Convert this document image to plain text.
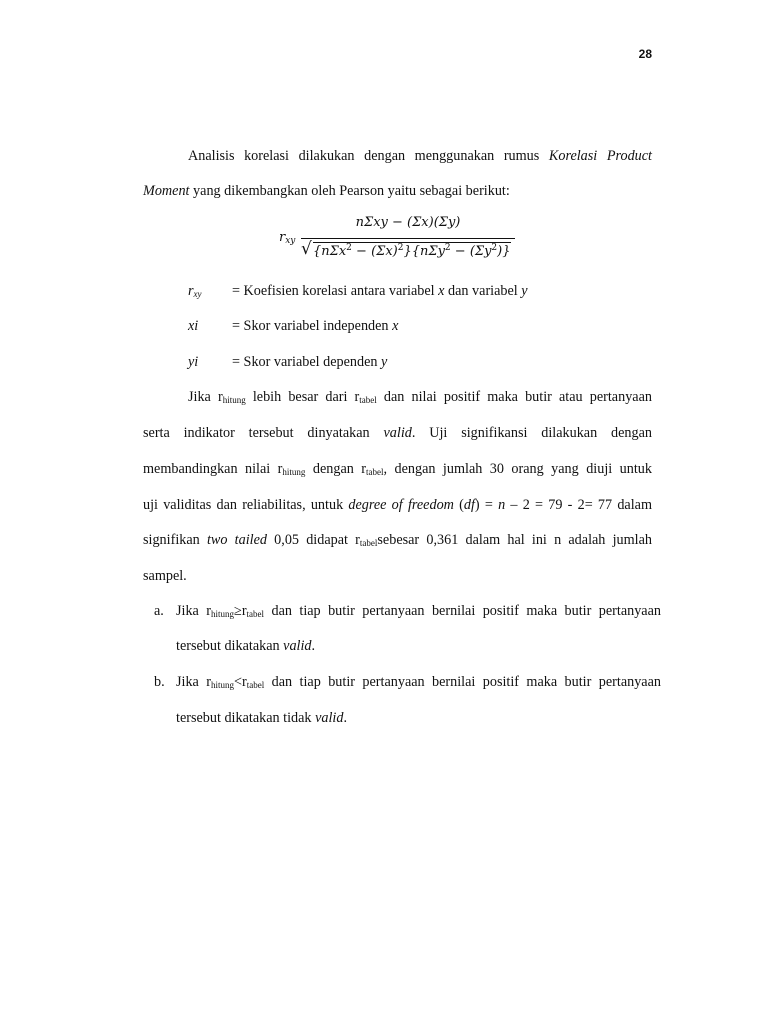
28
Analisis korelasi dilakukan dengan menggunakan rumus Korelasi Product
Moment yang dikembangkan oleh Pearson yaitu sebagai berikut:
$r_{xy}$
nΣxy − (Σx)(Σy)
√ $\{n\Sigma x^2 - (\Sigma x)^2\}\{n\Sigma y^2 - (\Sigma y^2)\}$
$r_{xy}$ = Koefisien korelasi antara variabel x dan variabel y
xi = Skor variabel independen x
yi = Skor variabel dependen y
Jika $r_{hitung}$ lebih besar dari $r_{tabel}$ dan nilai positif maka butir atau pertanyaan
serta indikator tersebut dinyatakan valid. Uji signifikansi dilakukan dengan
membandingkan nilai $r_{hitung}$ dengan $r_{tabel}$, dengan jumlah 30 orang yang diuji untuk
uji validitas dan reliabilitas, untuk degree of freedom (df) = n – 2 = 79 - 2= 77 dalam
signifikan two tailed 0,05 didapat $r_{tabel}sebesar$ 0,361 dalam hal ini n adalah jumlah
sampel.
a. Jika $r_{hitung}\ge r_{tabel}$ dan tiap butir pertanyaan bernilai positif maka butir pertanyaan
tersebut dikatakan valid.
b. Jika $r_{hitung}<r_{tabel}$ dan tiap butir pertanyaan bernilai positif maka butir pertanyaan
tersebut dikatakan tidak valid.
